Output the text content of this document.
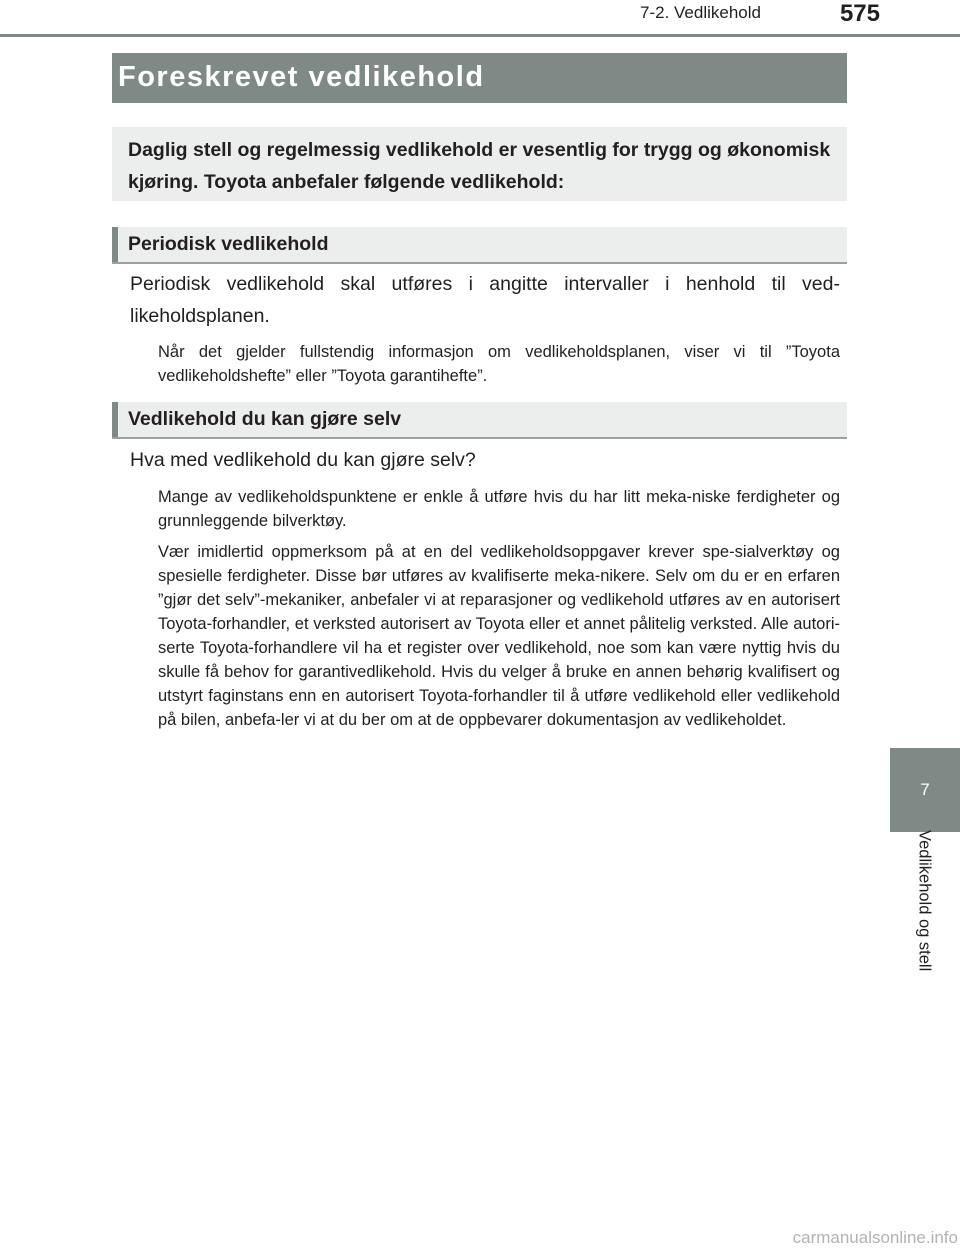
7-2. Vedlikehold	575
Foreskrevet vedlikehold
Daglig stell og regelmessig vedlikehold er vesentlig for trygg og økonomisk kjøring. Toyota anbefaler følgende vedlikehold:
Periodisk vedlikehold
Periodisk vedlikehold skal utføres i angitte intervaller i henhold til ved-likeholdsplanen.
Når det gjelder fullstendig informasjon om vedlikeholdsplanen, viser vi til ”Toyota vedlikeholdshefte” eller ”Toyota garantihefte”.
Vedlikehold du kan gjøre selv
Hva med vedlikehold du kan gjøre selv?
Mange av vedlikeholdspunktene er enkle å utføre hvis du har litt meka-niske ferdigheter og grunnleggende bilverktøy.
Vær imidlertid oppmerksom på at en del vedlikeholdsoppgaver krever spe-sialverktøy og spesielle ferdigheter. Disse bør utføres av kvalifiserte meka-nikere. Selv om du er en erfaren ”gjør det selv”-mekaniker, anbefaler vi at reparasjoner og vedlikehold utføres av en autorisert Toyota-forhandler, et verksted autorisert av Toyota eller et annet pålitelig verksted. Alle autori-serte Toyota-forhandlere vil ha et register over vedlikehold, noe som kan være nyttig hvis du skulle få behov for garantivedlikehold. Hvis du velger å bruke en annen behørig kvalifisert og utstyrt faginstans enn en autorisert Toyota-forhandler til å utføre vedlikehold eller vedlikehold på bilen, anbefa-ler vi at du ber om at de oppbevarer dokumentasjon av vedlikeholdet.
7
Vedlikehold og stell
carmanualsonline.info
